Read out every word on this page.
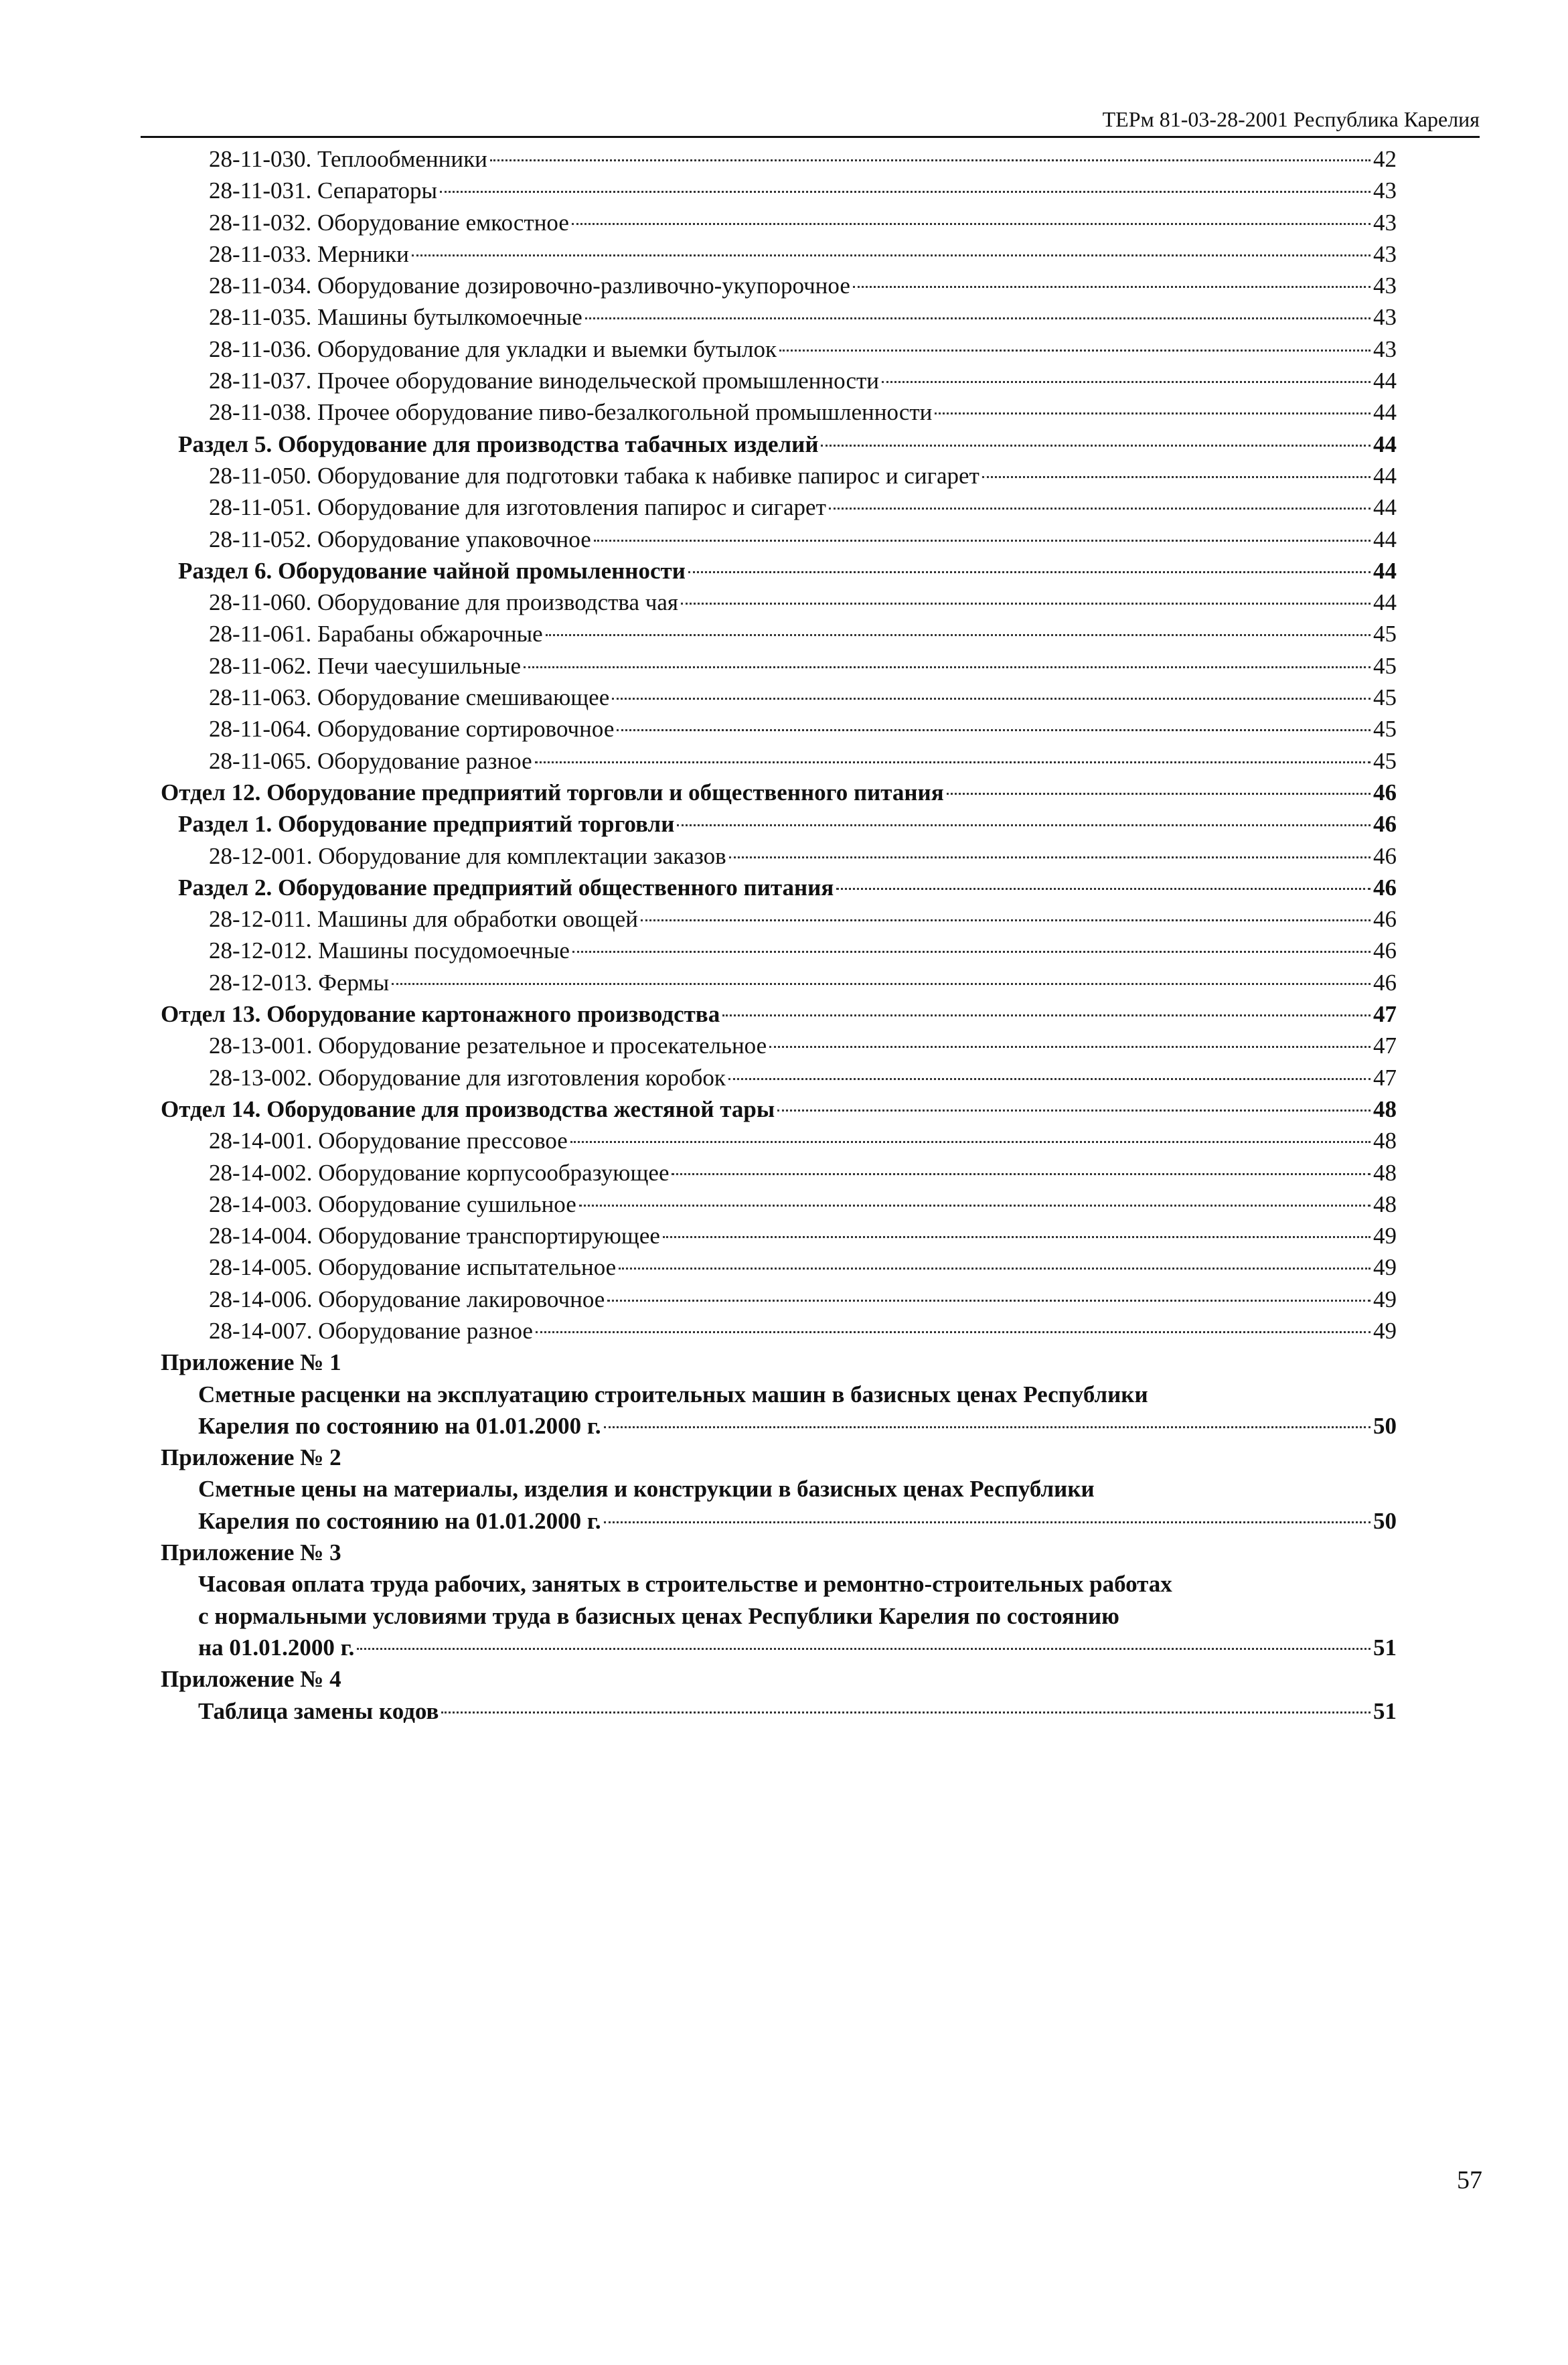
ТЕРм 81-03-28-2001 Республика Карелия
28-11-030. Теплообменники	42
28-11-031. Сепараторы	43
28-11-032. Оборудование емкостное	43
28-11-033. Мерники	43
28-11-034. Оборудование дозировочно-разливочно-укупорочное	43
28-11-035. Машины бутылкомоечные	43
28-11-036. Оборудование для укладки и выемки бутылок	43
28-11-037. Прочее оборудование винодельческой промышленности	44
28-11-038. Прочее оборудование пиво-безалкогольной промышленности	44
Раздел 5. Оборудование для производства табачных изделий	44
28-11-050. Оборудование для подготовки табака к набивке папирос и сигарет	44
28-11-051. Оборудование для изготовления папирос и сигарет	44
28-11-052. Оборудование упаковочное	44
Раздел 6. Оборудование чайной промыленности	44
28-11-060. Оборудование для производства чая	44
28-11-061. Барабаны обжарочные	45
28-11-062. Печи чаесушильные	45
28-11-063. Оборудование смешивающее	45
28-11-064. Оборудование сортировочное	45
28-11-065. Оборудование разное	45
Отдел 12. Оборудование предприятий торговли и общественного питания	46
Раздел 1. Оборудование предприятий торговли	46
28-12-001. Оборудование для комплектации заказов	46
Раздел 2. Оборудование предприятий общественного питания	46
28-12-011. Машины для обработки овощей	46
28-12-012. Машины посудомоечные	46
28-12-013. Фермы	46
Отдел 13. Оборудование картонажного производства	47
28-13-001. Оборудование резательное и просекательное	47
28-13-002. Оборудование для изготовления коробок	47
Отдел 14. Оборудование для производства жестяной тары	48
28-14-001. Оборудование прессовое	48
28-14-002. Оборудование корпусообразующее	48
28-14-003. Оборудование сушильное	48
28-14-004. Оборудование транспортирующее	49
28-14-005. Оборудование испытательное	49
28-14-006. Оборудование лакировочное	49
28-14-007. Оборудование разное	49
Приложение № 1
Сметные расценки на эксплуатацию строительных машин в базисных ценах Республики
Карелия по состоянию на 01.01.2000 г.	50
Приложение № 2
Сметные цены на материалы, изделия и конструкции в базисных ценах Республики
Карелия по состоянию на 01.01.2000 г.	50
Приложение № 3
Часовая оплата труда рабочих, занятых в строительстве и ремонтно-строительных работах
с нормальными условиями труда в базисных ценах Республики Карелия по состоянию
на 01.01.2000 г.	51
Приложение № 4
Таблица замены кодов	51
57
